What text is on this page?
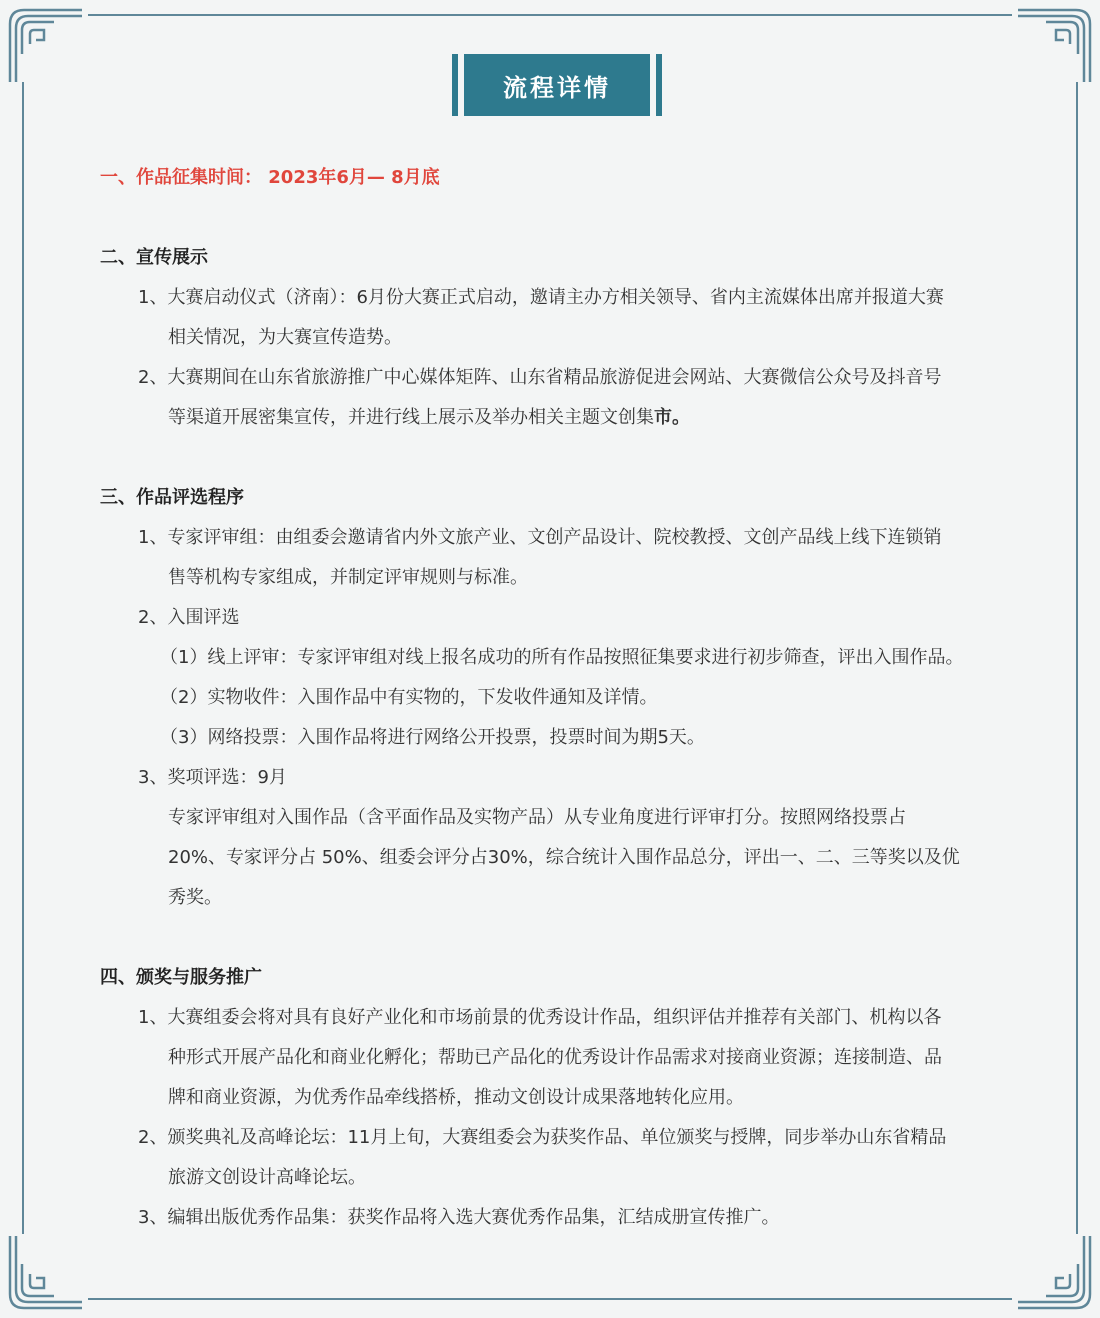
流程详情
一、作品征集时间： 2023年6月— 8月底
二、宣传展示
1、大赛启动仪式（济南）：6月份大赛正式启动，邀请主办方相关领导、省内主流媒体出席并报道大赛
相关情况，为大赛宣传造势。
2、大赛期间在山东省旅游推广中心媒体矩阵、山东省精品旅游促进会网站、大赛微信公众号及抖音号
等渠道开展密集宣传，并进行线上展示及举办相关主题文创集市。
三、作品评选程序
1、专家评审组：由组委会邀请省内外文旅产业、文创产品设计、院校教授、文创产品线上线下连锁销
售等机构专家组成，并制定评审规则与标准。
2、入围评选
（1）线上评审：专家评审组对线上报名成功的所有作品按照征集要求进行初步筛查，评出入围作品。
（2）实物收件：入围作品中有实物的，下发收件通知及详情。
（3）网络投票：入围作品将进行网络公开投票，投票时间为期5天。
3、奖项评选：9月
专家评审组对入围作品（含平面作品及实物产品）从专业角度进行评审打分。按照网络投票占
20%、专家评分占 50%、组委会评分占30%，综合统计入围作品总分，评出一、二、三等奖以及优
秀奖。
四、颁奖与服务推广
1、大赛组委会将对具有良好产业化和市场前景的优秀设计作品，组织评估并推荐有关部门、机构以各
种形式开展产品化和商业化孵化；帮助已产品化的优秀设计作品需求对接商业资源；连接制造、品
牌和商业资源，为优秀作品牵线搭桥，推动文创设计成果落地转化应用。
2、颁奖典礼及高峰论坛：11月上旬，大赛组委会为获奖作品、单位颁奖与授牌，同步举办山东省精品
旅游文创设计高峰论坛。
3、编辑出版优秀作品集：获奖作品将入选大赛优秀作品集，汇结成册宣传推广。
